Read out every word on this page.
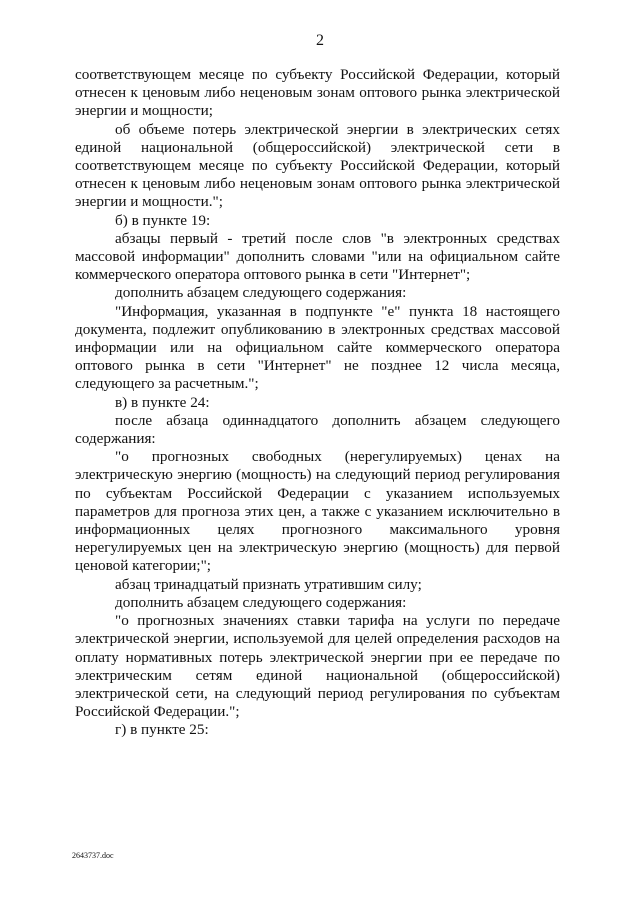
2

соответствующем месяце по субъекту Российской Федерации, который отнесен к ценовым либо неценовым зонам оптового рынка электрической энергии и мощности;

об объеме потерь электрической энергии в электрических сетях единой национальной (общероссийской) электрической сети в соответствующем месяце по субъекту Российской Федерации, который отнесен к ценовым либо неценовым зонам оптового рынка электрической энергии и мощности.";

б) в пункте 19:

абзацы первый - третий после слов "в электронных средствах массовой информации" дополнить словами "или на официальном сайте коммерческого оператора оптового рынка в сети "Интернет";

дополнить абзацем следующего содержания:

"Информация, указанная в подпункте "е" пункта 18 настоящего документа, подлежит опубликованию в электронных средствах массовой информации или на официальном сайте коммерческого оператора оптового рынка в сети "Интернет" не позднее 12 числа месяца, следующего за расчетным.";

в) в пункте 24:

после абзаца одиннадцатого дополнить абзацем следующего содержания:

"о прогнозных свободных (нерегулируемых) ценах на электрическую энергию (мощность) на следующий период регулирования по субъектам Российской Федерации с указанием используемых параметров для прогноза этих цен, а также с указанием исключительно в информационных целях прогнозного максимального уровня нерегулируемых цен на электрическую энергию (мощность) для первой ценовой категории;";

абзац тринадцатый признать утратившим силу;

дополнить абзацем следующего содержания:

"о прогнозных значениях ставки тарифа на услуги по передаче электрической энергии, используемой для целей определения расходов на оплату нормативных потерь электрической энергии при ее передаче по электрическим сетям единой национальной (общероссийской) электрической сети, на следующий период регулирования по субъектам Российской Федерации.";

г) в пункте 25:

2643737.doc
